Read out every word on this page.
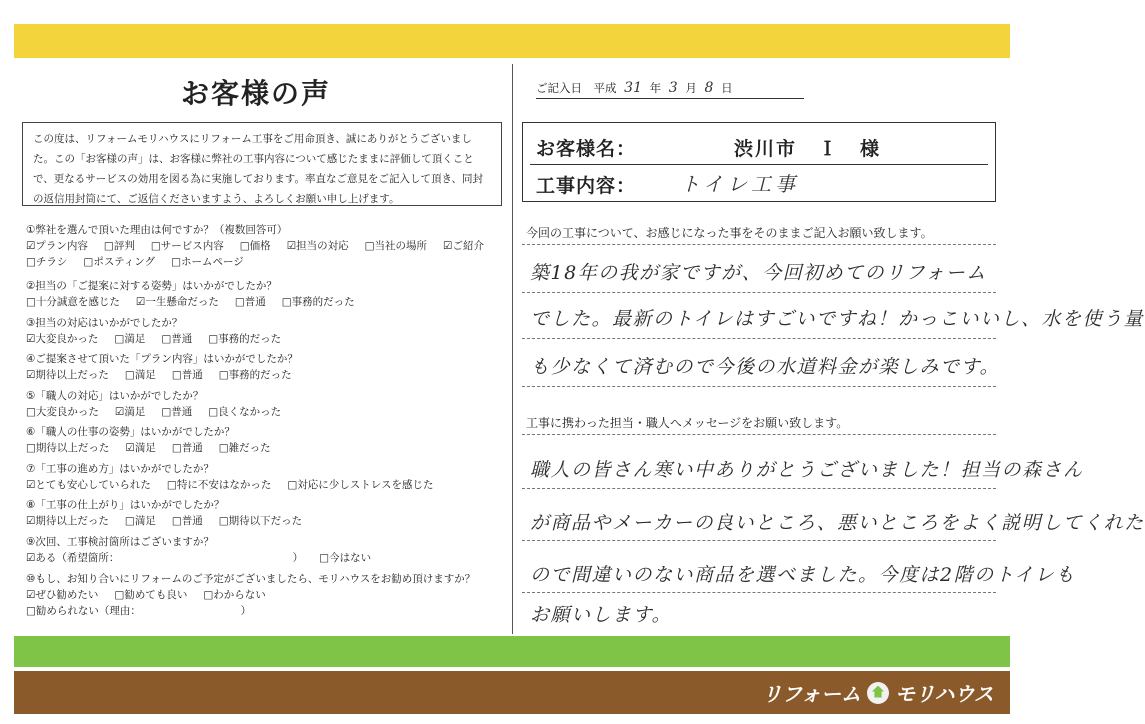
お客様の声
この度は、リフォームモリハウスにリフォーム工事をご用命頂き、誠にありがとうございました。この「お客様の声」は、お客様に弊社の工事内容について感じたままに評価して頂くことで、更なるサービスの効用を図る為に実施しております。率直なご意見をご記入して頂き、同封の返信用封筒にて、ご返信くださいますよう、よろしくお願い申し上げます。
①弊社を選んで頂いた理由は何ですか？（複数回答可）
☑プラン内容 □評判 □サービス内容 □価格 ☑担当の対応 □当社の場所 ☑ご紹介
□チラシ □ポスティング □ホームページ
②担当の「ご提案に対する姿勢」はいかがでしたか？
□十分誠意を感じた ☑一生懸命だった □普通 □事務的だった
③担当の対応はいかがでしたか？
☑大変良かった □満足 □普通 □事務的だった
④ご提案させて頂いた「プラン内容」はいかがでしたか？
☑期待以上だった □満足 □普通 □事務的だった
⑤「職人の対応」はいかがでしたか？
□大変良かった ☑満足 □普通 □良くなかった
⑥「職人の仕事の姿勢」はいかがでしたか？
□期待以上だった ☑満足 □普通 □雑だった
⑦「工事の進め方」はいかがでしたか？
☑とても安心していられた □特に不安はなかった □対応に少しストレスを感じた
⑧「工事の仕上がり」はいかがでしたか？
☑期待以上だった □満足 □普通 □期待以下だった
⑨次回、工事検討箇所はございますか？
☑ある（希望箇所：　　　　　　　　　　　　　　　　　） □今はない
⑩もし、お知り合いにリフォームのご予定がございましたら、モリハウスをお勧め頂けますか？
☑ぜひ勧めたい □勧めても良い □わからない
□勧められない（理由：　　　　　　　　　　）
ご記入日　平成 31 年 3 月 8 日
お客様名：	渋川市　Ｉ　様
工事内容： トイレ工事
今回の工事について、お感じになった事をそのままご記入お願い致します。
築18年の我が家ですが、今回初めてのリフォーム
でした。最新のトイレはすごいですね！かっこいいし、水を使う量
も少なくて済むので今後の水道料金が楽しみです。
工事に携わった担当・職人へメッセージをお願い致します。
職人の皆さん寒い中ありがとうございました！担当の森さん
が商品やメーカーの良いところ、悪いところをよく説明してくれた
ので間違いのない商品を選べました。今度は2階のトイレも
お願いします。
リフォーム モリハウス
